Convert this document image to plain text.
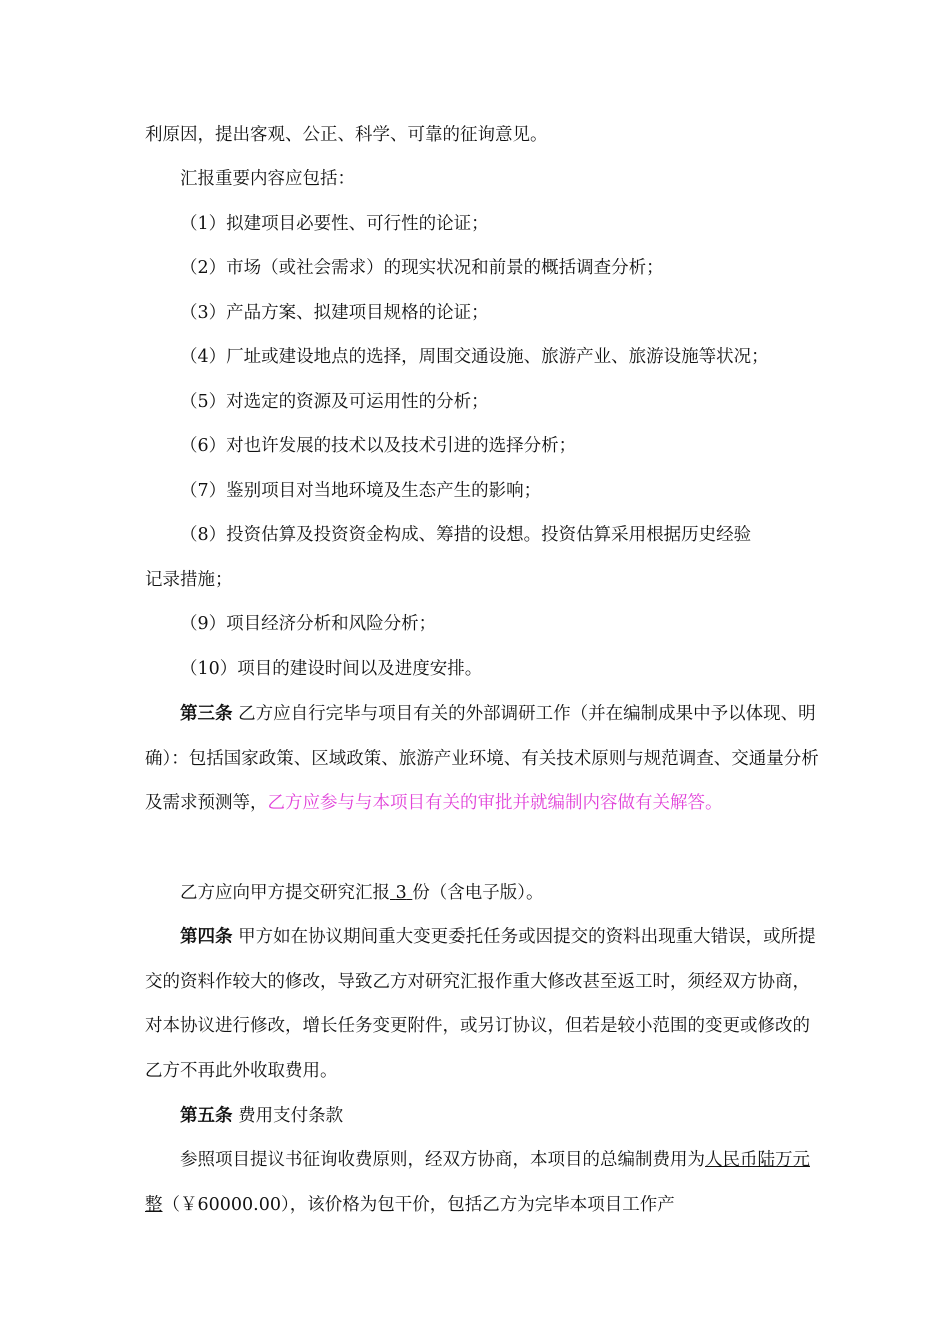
利原因，提出客观、公正、科学、可靠的征询意见。
汇报重要内容应包括：
（1）拟建项目必要性、可行性的论证；
（2）市场（或社会需求）的现实状况和前景的概括调查分析；
（3）产品方案、拟建项目规格的论证；
（4）厂址或建设地点的选择，周围交通设施、旅游产业、旅游设施等状况；
（5）对选定的资源及可运用性的分析；
（6）对也许发展的技术以及技术引进的选择分析；
（7）鉴别项目对当地环境及生态产生的影响；
（8）投资估算及投资资金构成、筹措的设想。投资估算采用根据历史经验
记录措施；
（9）项目经济分析和风险分析；
（10）项目的建设时间以及进度安排。

第三条 乙方应自行完毕与项目有关的外部调研工作（并在编制成果中予以体现、明确）：包括国家政策、区域政策、旅游产业环境、有关技术原则与规范调查、交通量分析及需求预测等，乙方应参与与本项目有关的审批并就编制内容做有关解答。

乙方应向甲方提交研究汇报 3 份（含电子版）。

第四条 甲方如在协议期间重大变更委托任务或因提交的资料出现重大错误，或所提交的资料作较大的修改，导致乙方对研究汇报作重大修改甚至返工时，须经双方协商，对本协议进行修改，增长任务变更附件，或另订协议，但若是较小范围的变更或修改的乙方不再此外收取费用。

第五条 费用支付条款

参照项目提议书征询收费原则，经双方协商，本项目的总编制费用为人民币陆万元整（￥60000.00），该价格为包干价，包括乙方为完毕本项目工作产
